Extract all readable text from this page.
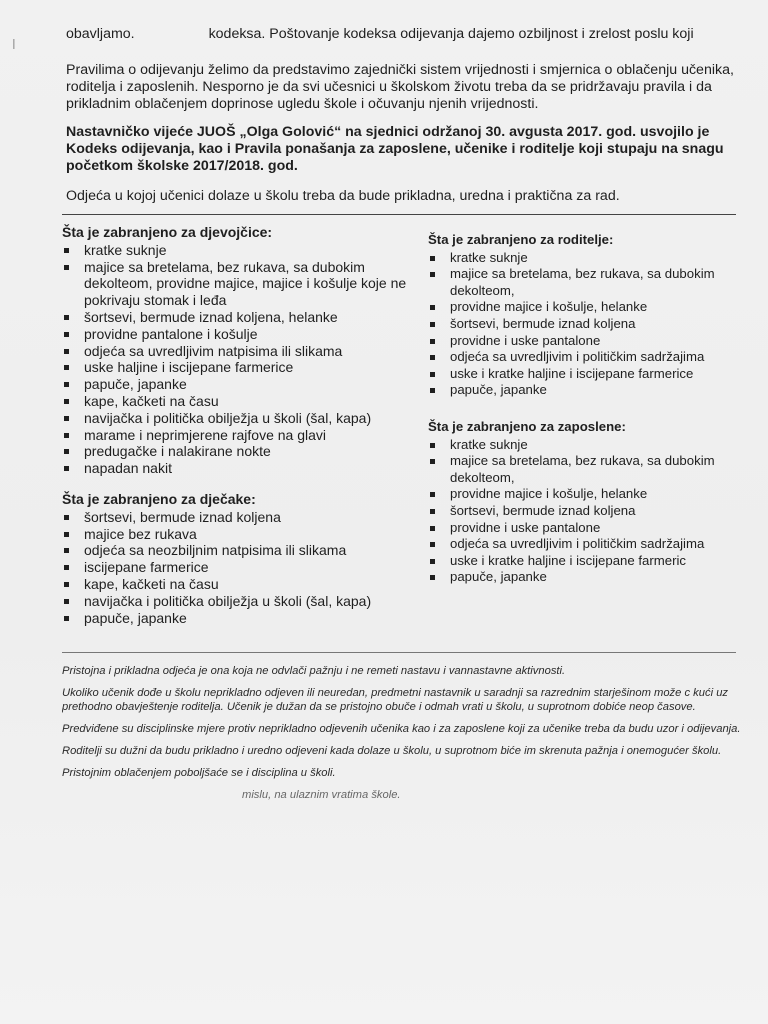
ǀ

obavljamo.	kodeksa. Poštovanje kodeksa odijevanja dajemo ozbiljnost i zrelost poslu koji

Pravilima o odijevanju želimo da predstavimo zajednički sistem vrijednosti i smjernica o oblačenju učenika, roditelja i zaposlenih. Nesporno je da svi učesnici u školskom životu treba da se pridržavaju pravila i da prikladnim oblačenjem doprinose ugledu škole i očuvanju njenih vrijednosti.

Nastavničko vijeće JUOŠ „Olga Golović“ na sjednici održanoj 30. avgusta 2017. god. usvojilo je Kodeks odijevanja, kao i Pravila ponašanja za zaposlene, učenike i roditelje koji stupaju na snagu početkom školske 2017/2018. god.

Odjeća u kojoj učenici dolaze u školu treba da bude prikladna, uredna i praktična za rad.

Šta je zabranjeno za djevojčice:

kratke suknje
majice sa bretelama, bez rukava, sa dubokim dekolteom, providne majice, majice i košulje koje ne pokrivaju stomak i leđa
šortsevi, bermude iznad koljena, helanke
providne pantalone i košulje
odjeća sa uvredljivim natpisima ili slikama
uske haljine i iscijepane farmerice
papuče, japanke
kape, kačketi na času
navijačka i politička obilježja u školi (šal, kapa)
marame i neprimjerene rajfove na glavi
predugačke i nalakirane nokte
napadan nakit

Šta je zabranjeno za dječake:

šortsevi, bermude iznad koljena
majice bez rukava
odjeća sa neozbiljnim natpisima ili slikama
iscijepane farmerice
kape, kačketi na času
navijačka i politička obilježja u školi (šal, kapa)
papuče, japanke

Šta je zabranjeno za roditelje:

kratke suknje
majice sa bretelama, bez rukava, sa dubokim dekolteom,
providne majice i košulje, helanke
šortsevi, bermude iznad koljena
providne i uske pantalone
odjeća sa uvredljivim i političkim sadržajima
uske i kratke haljine i iscijepane farmerice
papuče, japanke

Šta je zabranjeno za zaposlene:

kratke suknje
majice sa bretelama, bez rukava, sa dubokim dekolteom,
providne majice i košulje, helanke
šortsevi, bermude iznad koljena
providne i uske pantalone
odjeća sa uvredljivim i političkim sadržajima
uske i kratke haljine i iscijepane farmeric
papuče, japanke

Pristojna i prikladna odjeća je ona koja ne odvlači pažnju i ne remeti nastavu i vannastavne aktivnosti.

Ukoliko učenik dođe u školu neprikladno odjeven ili neuredan, predmetni nastavnik u saradnji sa razrednim starješinom može c kući uz prethodno obavještenje roditelja. Učenik je dužan da se pristojno obuče i odmah vrati u školu, u suprotnom dobiće neop časove.

Predviđene su disciplinske mjere protiv neprikladno odjevenih učenika kao i za zaposlene koji za učenike treba da budu uzor i odijevanja.

Roditelji su dužni da budu prikladno i uredno odjeveni kada dolaze u školu, u suprotnom biće im skrenuta pažnja i onemogućer školu.

Pristojnim oblačenjem poboljšaće se i disciplina u školi.

mislu, na ulaznim vratima škole.
